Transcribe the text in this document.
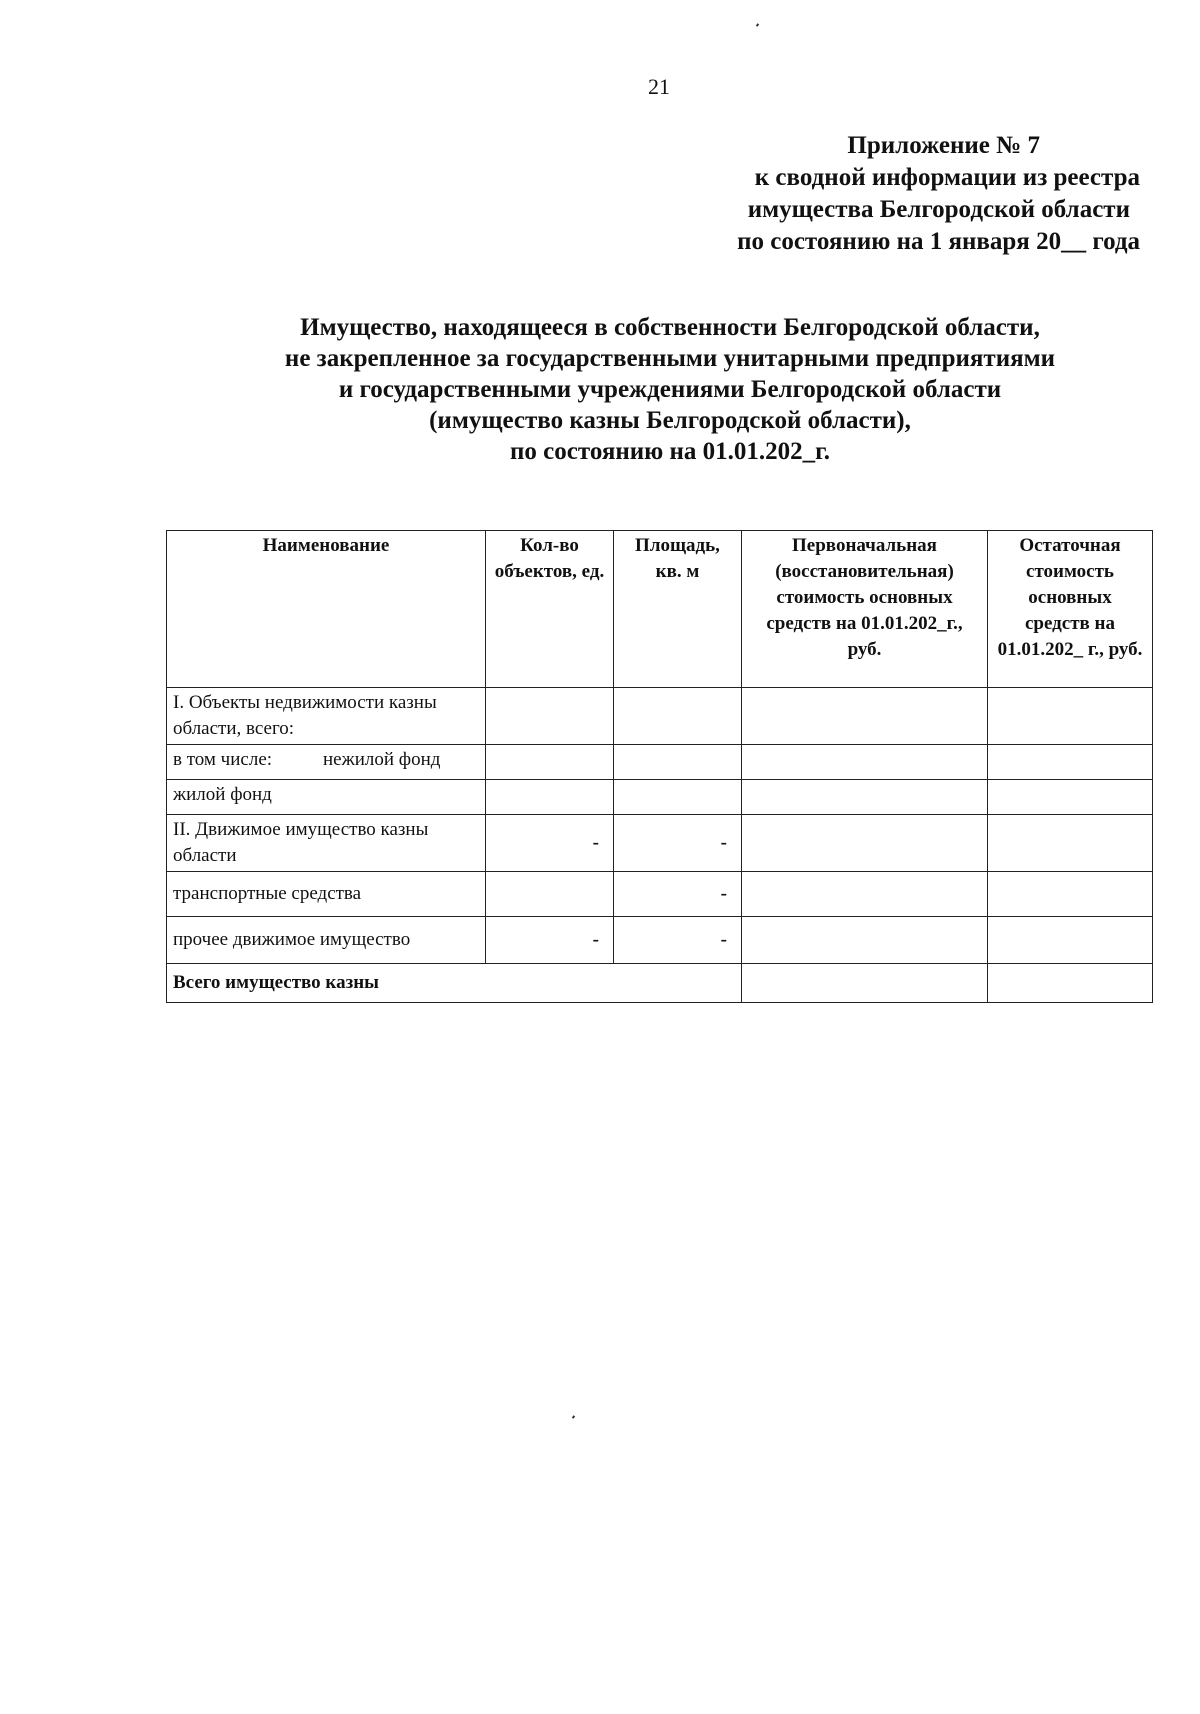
21
Приложение № 7
к сводной информации из реестра
имущества Белгородской области
по состоянию на 1 января 20__ года
Имущество, находящееся в собственности Белгородской области,
не закрепленное за государственными унитарными предприятиями
и государственными учреждениями Белгородской области
(имущество казны Белгородской области),
по состоянию на 01.01.202_г.
Наименование	Кол-во объектов, ед.	Площадь, кв. м	Первоначальная (восстановительная) стоимость основных средств на 01.01.202_г., руб.	Остаточная стоимость основных средств на 01.01.202_ г., руб.
I. Объекты недвижимости казны области, всего:				
в том числе: нежилой фонд				
жилой фонд				
II. Движимое имущество казны области	-	-		
транспортные средства		-		
прочее движимое имущество	-	-		
Всего имущество казны				
